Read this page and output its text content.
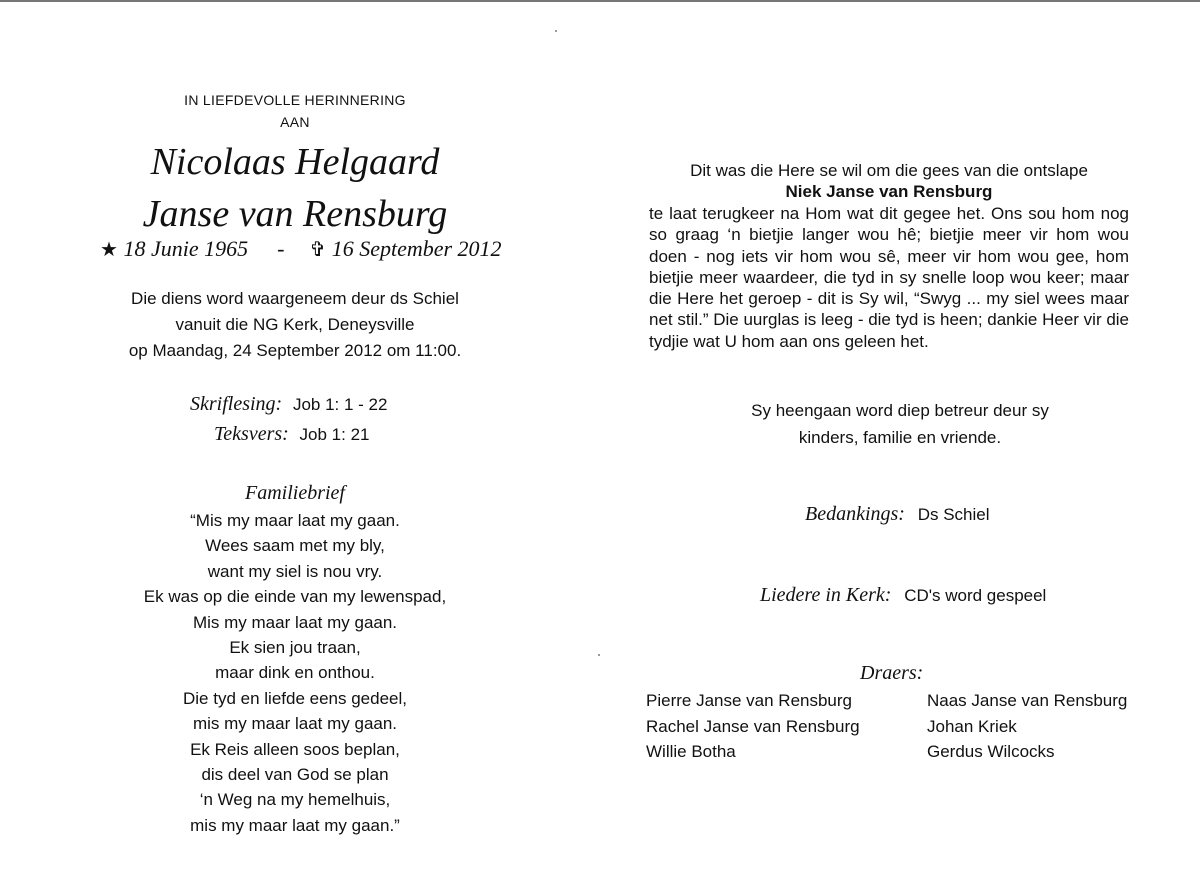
IN LIEFDEVOLLE HERINNERING
AAN
Nicolaas Helgaard
Janse van Rensburg
★ 18 Junie 1965 - ✞ 16 September 2012
Die diens word waargeneem deur ds Schiel
vanuit die NG Kerk, Deneysville
op Maandag, 24 September 2012 om 11:00.
Skriflesing: Job 1: 1 - 22
Teksvers: Job 1: 21
Familiebrief
“Mis my maar laat my gaan.
Wees saam met my bly,
want my siel is nou vry.
Ek was op die einde van my lewenspad,
Mis my maar laat my gaan.
Ek sien jou traan,
maar dink en onthou.
Die tyd en liefde eens gedeel,
mis my maar laat my gaan.
Ek Reis alleen soos beplan,
dis deel van God se plan
‘n Weg na my hemelhuis,
mis my maar laat my gaan.”
Dit was die Here se wil om die gees van die ontslape
Niek Janse van Rensburg
te laat terugkeer na Hom wat dit gegee het. Ons sou hom nog so graag ‘n bietjie langer wou hê; bietjie meer vir hom wou doen - nog iets vir hom wou sê, meer vir hom wou gee, hom bietjie meer waardeer, die tyd in sy snelle loop wou keer; maar die Here het geroep - dit is Sy wil, “Swyg ... my siel wees maar net stil.” Die uurglas is leeg - die tyd is heen; dankie Heer vir die tydjie wat U hom aan ons geleen het.
Sy heengaan word diep betreur deur sy
kinders, familie en vriende.
Bedankings: Ds Schiel
Liedere in Kerk: CD's word gespeel
Draers:
Pierre Janse van Rensburg
Rachel Janse van Rensburg
Willie Botha
Naas Janse van Rensburg
Johan Kriek
Gerdus Wilcocks
